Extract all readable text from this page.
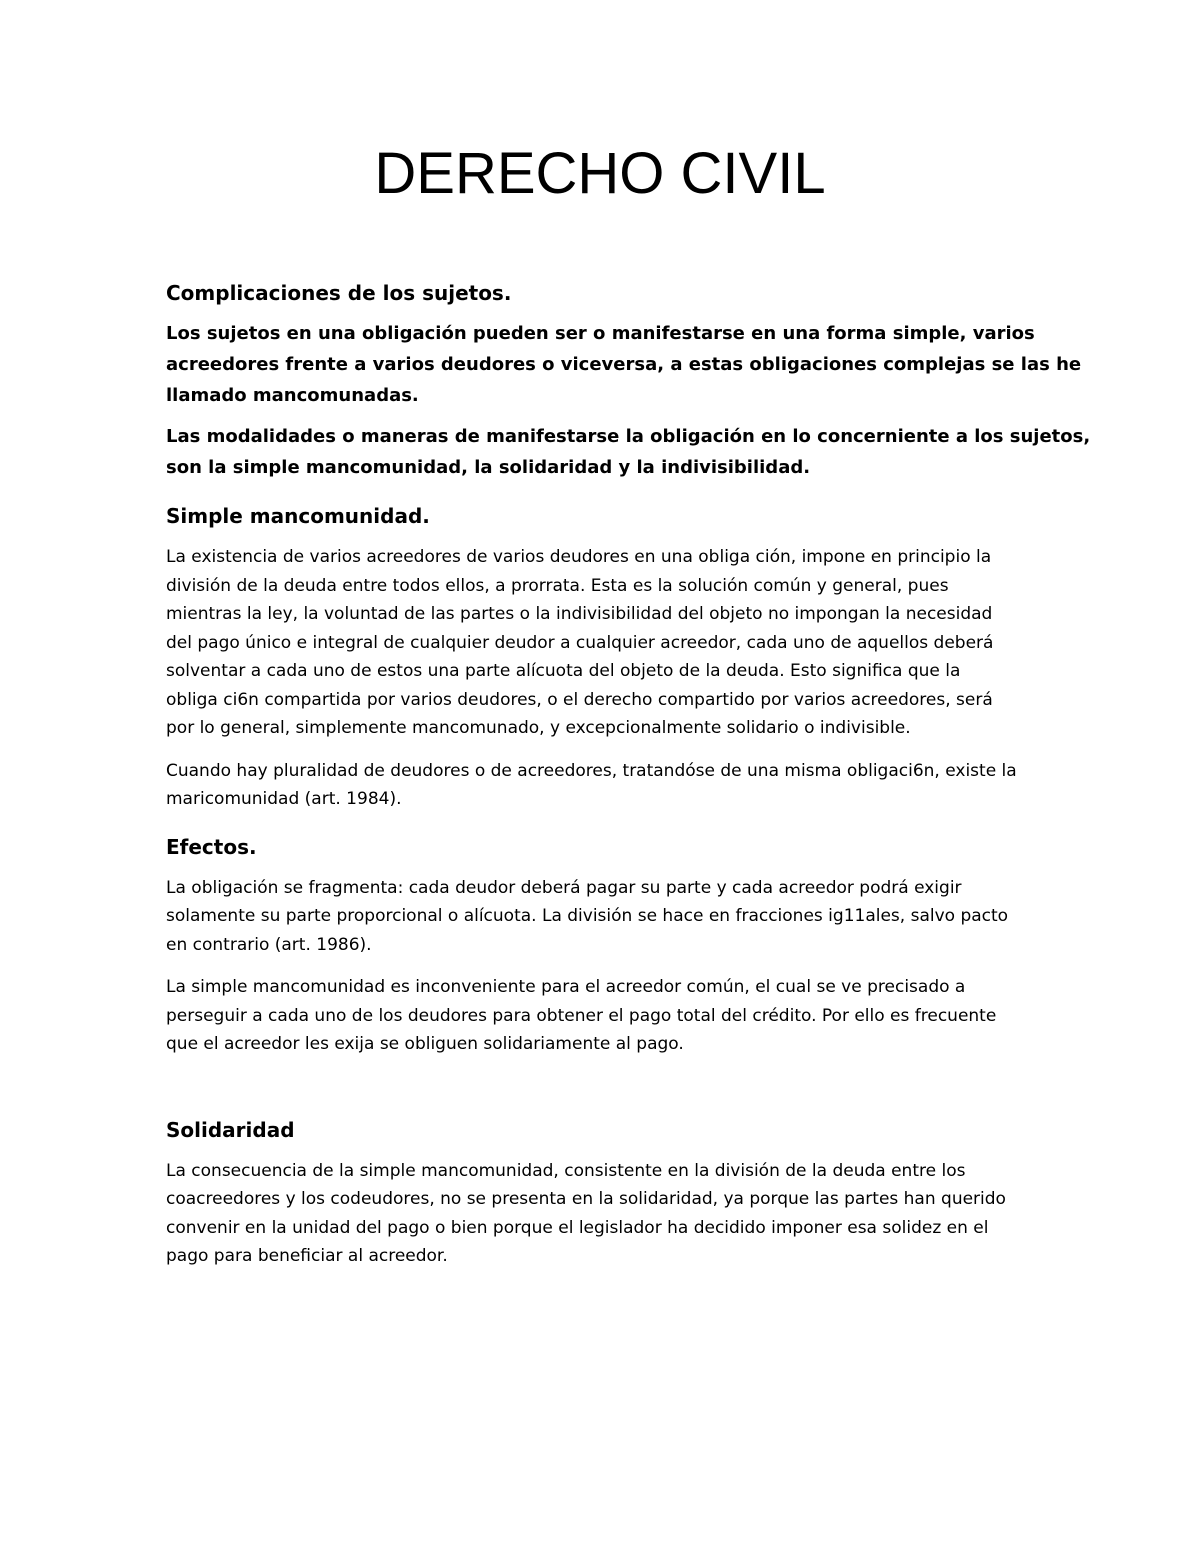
DERECHO CIVIL
Complicaciones de los sujetos.

Los sujetos en una obligación pueden ser o manifestarse en una forma simple, varios
acreedores frente a varios deudores o viceversa, a estas obligaciones complejas se las he
llamado mancomunadas.

Las modalidades o maneras de manifestarse la obligación en lo concerniente a los sujetos,
son la simple mancomunidad, la solidaridad y la indivisibilidad.

Simple mancomunidad.

La existencia de varios acreedores de varios deudores en una obliga ción, impone en principio la
división de la deuda entre todos ellos, a prorrata. Esta es la solución común y general, pues
mientras la ley, la voluntad de las partes o la indivisibilidad del objeto no impongan la necesidad
del pago único e integral de cualquier deudor a cualquier acreedor, cada uno de aquellos deberá
solventar a cada uno de estos una parte alícuota del objeto de la deuda. Esto significa que la
obliga ci6n compartida por varios deudores, o el derecho compartido por varios acreedores, será
por lo general, simplemente mancomunado, y excepcionalmente solidario o indivisible.

Cuando hay pluralidad de deudores o de acreedores, tratandóse de una misma obligaci6n, existe la
maricomunidad (art. 1984).

Efectos.

La obligación se fragmenta: cada deudor deberá pagar su parte y cada acreedor podrá exigir
solamente su parte proporcional o alícuota. La división se hace en fracciones ig11ales, salvo pacto
en contrario (art. 1986).

La simple mancomunidad es inconveniente para el acreedor común, el cual se ve precisado a
perseguir a cada uno de los deudores para obtener el pago total del crédito. Por ello es frecuente
que el acreedor les exija se obliguen solidariamente al pago.

Solidaridad

La consecuencia de la simple mancomunidad, consistente en la división de la deuda entre los
coacreedores y los codeudores, no se presenta en la solidaridad, ya porque las partes han querido
convenir en la unidad del pago o bien porque el legislador ha decidido imponer esa solidez en el
pago para beneficiar al acreedor.
